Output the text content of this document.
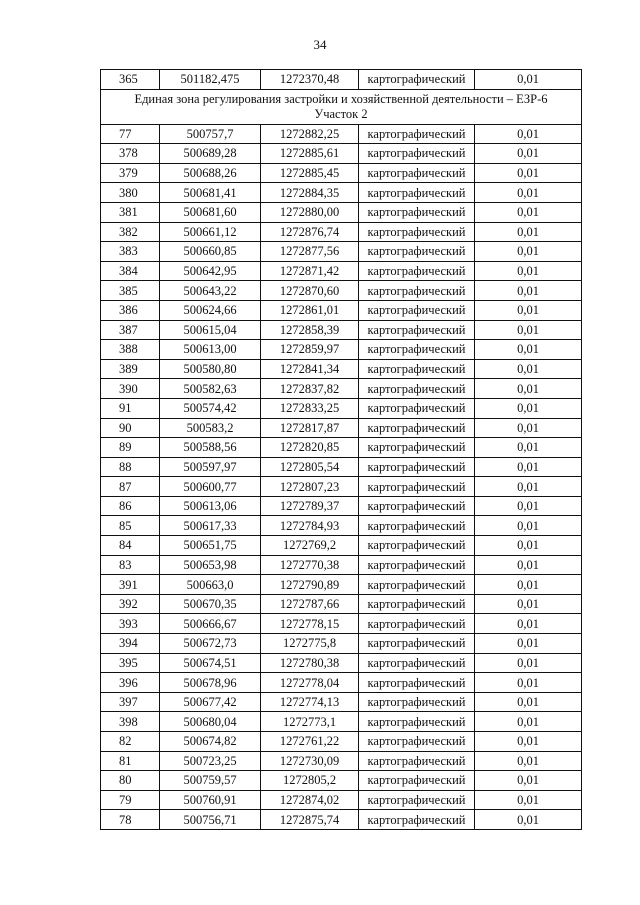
34
365	501182,475	1272370,48	картографический	0,01

Единая зона регулирования застройки и хозяйственной деятельности – ЕЗР-6
Участок 2				

77	500757,7	1272882,25	картографический	0,01
378	500689,28	1272885,61	картографический	0,01
379	500688,26	1272885,45	картографический	0,01
380	500681,41	1272884,35	картографический	0,01
381	500681,60	1272880,00	картографический	0,01
382	500661,12	1272876,74	картографический	0,01
383	500660,85	1272877,56	картографический	0,01
384	500642,95	1272871,42	картографический	0,01
385	500643,22	1272870,60	картографический	0,01
386	500624,66	1272861,01	картографический	0,01
387	500615,04	1272858,39	картографический	0,01
388	500613,00	1272859,97	картографический	0,01
389	500580,80	1272841,34	картографический	0,01
390	500582,63	1272837,82	картографический	0,01
91	500574,42	1272833,25	картографический	0,01
90	500583,2	1272817,87	картографический	0,01
89	500588,56	1272820,85	картографический	0,01
88	500597,97	1272805,54	картографический	0,01
87	500600,77	1272807,23	картографический	0,01
86	500613,06	1272789,37	картографический	0,01
85	500617,33	1272784,93	картографический	0,01
84	500651,75	1272769,2	картографический	0,01
83	500653,98	1272770,38	картографический	0,01
391	500663,0	1272790,89	картографический	0,01
392	500670,35	1272787,66	картографический	0,01
393	500666,67	1272778,15	картографический	0,01
394	500672,73	1272775,8	картографический	0,01
395	500674,51	1272780,38	картографический	0,01
396	500678,96	1272778,04	картографический	0,01
397	500677,42	1272774,13	картографический	0,01
398	500680,04	1272773,1	картографический	0,01
82	500674,82	1272761,22	картографический	0,01
81	500723,25	1272730,09	картографический	0,01
80	500759,57	1272805,2	картографический	0,01
79	500760,91	1272874,02	картографический	0,01
78	500756,71	1272875,74	картографический	0,01
